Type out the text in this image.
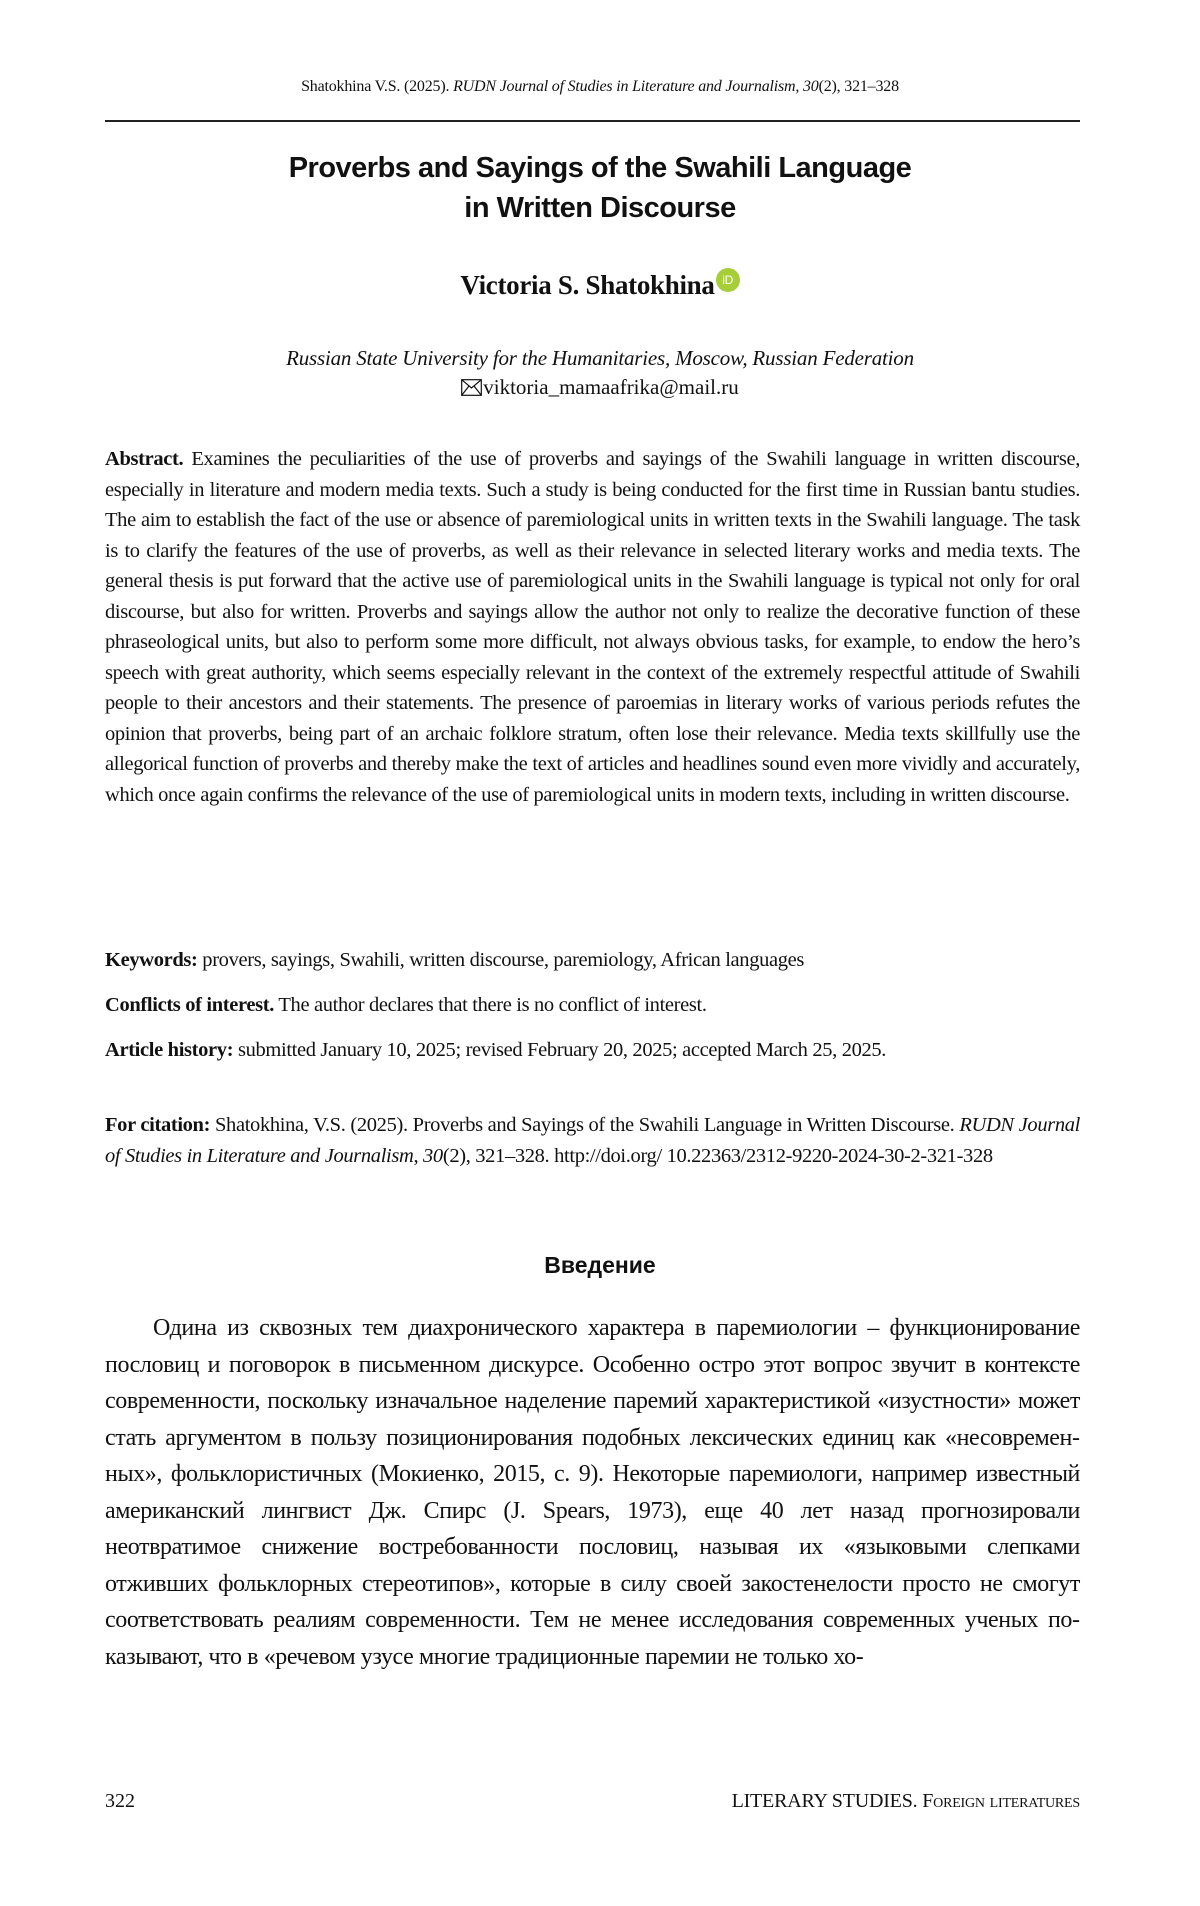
Shatokhina V.S. (2025). RUDN Journal of Studies in Literature and Journalism, 30(2), 321–328
Proverbs and Sayings of the Swahili Language
in Written Discourse
Victoria S. Shatokhina iD
Russian State University for the Humanitaries, Moscow, Russian Federation
viktoria_mamaafrika@mail.ru
Abstract. Examines the peculiarities of the use of proverbs and sayings of the Swahili language in written discourse, especially in literature and modern media texts. Such a study is being conducted for the first time in Russian bantu studies. The aim to establish the fact of the use or absence of paremiological units in written texts in the Swahili language. The task is to clarify the features of the use of proverbs, as well as their relevance in selected literary works and media texts. The general thesis is put forward that the active use of paremiological units in the Swahili language is typical not only for oral discourse, but also for written. Proverbs and sayings allow the author not only to realize the decorative function of these phraseological units, but also to perform some more difficult, not always obvious tasks, for example, to endow the hero’s speech with great authority, which seems especially relevant in the context of the extremely respectful attitude of Swahili people to their ancestors and their statements. The presence of paroemias in literary works of various periods refutes the opinion that proverbs, being part of an archaic folklore stratum, often lose their relevance. Media texts skillfully use the allegorical function of proverbs and thereby make the text of articles and headlines sound even more vividly and accurately, which once again confirms the relevance of the use of paremiological units in modern texts, including in written discourse.
Keywords: provers, sayings, Swahili, written discourse, paremiology, African languages
Conflicts of interest. The author declares that there is no conflict of interest.
Article history: submitted January 10, 2025; revised February 20, 2025; accepted March 25, 2025.
For citation: Shatokhina, V.S. (2025). Proverbs and Sayings of the Swahili Language in Written Discourse. RUDN Journal of Studies in Literature and Journalism, 30(2), 321–328. http://doi.org/ 10.22363/2312-9220-2024-30-2-321-328
Введение
Одина из сквозных тем диахронического характера в паремиологии – функционирование пословиц и поговорок в письменном дискурсе. Особенно остро этот вопрос звучит в контексте современности, поскольку изначальное наделение паремий характеристикой «изустности» может стать аргументом в пользу позиционирования подобных лексических единиц как «несовременных», фольклористичных (Мокиенко, 2015, с. 9). Некоторые паремиологи, например известный американский лингвист Дж. Спирс (J. Spears, 1973), еще 40 лет назад прогнозировали неотвратимое снижение востребованности пословиц, называя их «языковыми слепками отживших фольклорных стереотипов», которые в силу своей закостенелости просто не смогут соответствовать реалиям современности. Тем не менее исследования современных ученых показывают, что в «речевом узусе многие традиционные паремии не только хо-
322	LITERARY STUDIES. Foreign literatures
